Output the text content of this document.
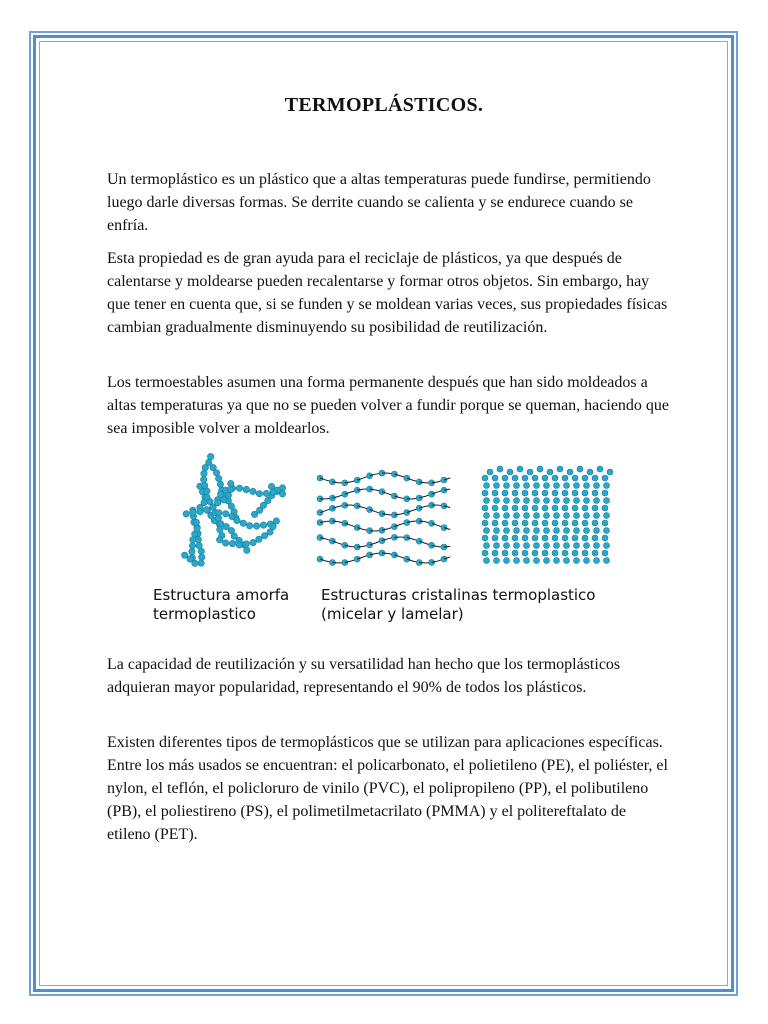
TERMOPLÁSTICOS.

Un termoplástico es un plástico que a altas temperaturas puede fundirse, permitiendo luego darle diversas formas. Se derrite cuando se calienta y se endurece cuando se enfría.

Esta propiedad es de gran ayuda para el reciclaje de plásticos, ya que después de calentarse y moldearse pueden recalentarse y formar otros objetos. Sin embargo, hay que tener en cuenta que, si se funden y se moldean varias veces, sus propiedades físicas cambian gradualmente disminuyendo su posibilidad de reutilización.

Los termoestables asumen una forma permanente después que han sido moldeados a altas temperaturas ya que no se pueden volver a fundir porque se queman, haciendo que sea imposible volver a moldearlos.

Estructura amorfa
termoplastico
Estructuras cristalinas termoplastico
(micelar y lamelar)

La capacidad de reutilización y su versatilidad han hecho que los termoplásticos adquieran mayor popularidad, representando el 90% de todos los plásticos.

Existen diferentes tipos de termoplásticos que se utilizan para aplicaciones específicas. Entre los más usados se encuentran: el policarbonato, el polietileno (PE), el poliéster, el nylon, el teflón, el policloruro de vinilo (PVC), el polipropileno (PP), el polibutileno (PB), el poliestireno (PS), el polimetilmetacrilato (PMMA) y el politereftalato de etileno (PET).
